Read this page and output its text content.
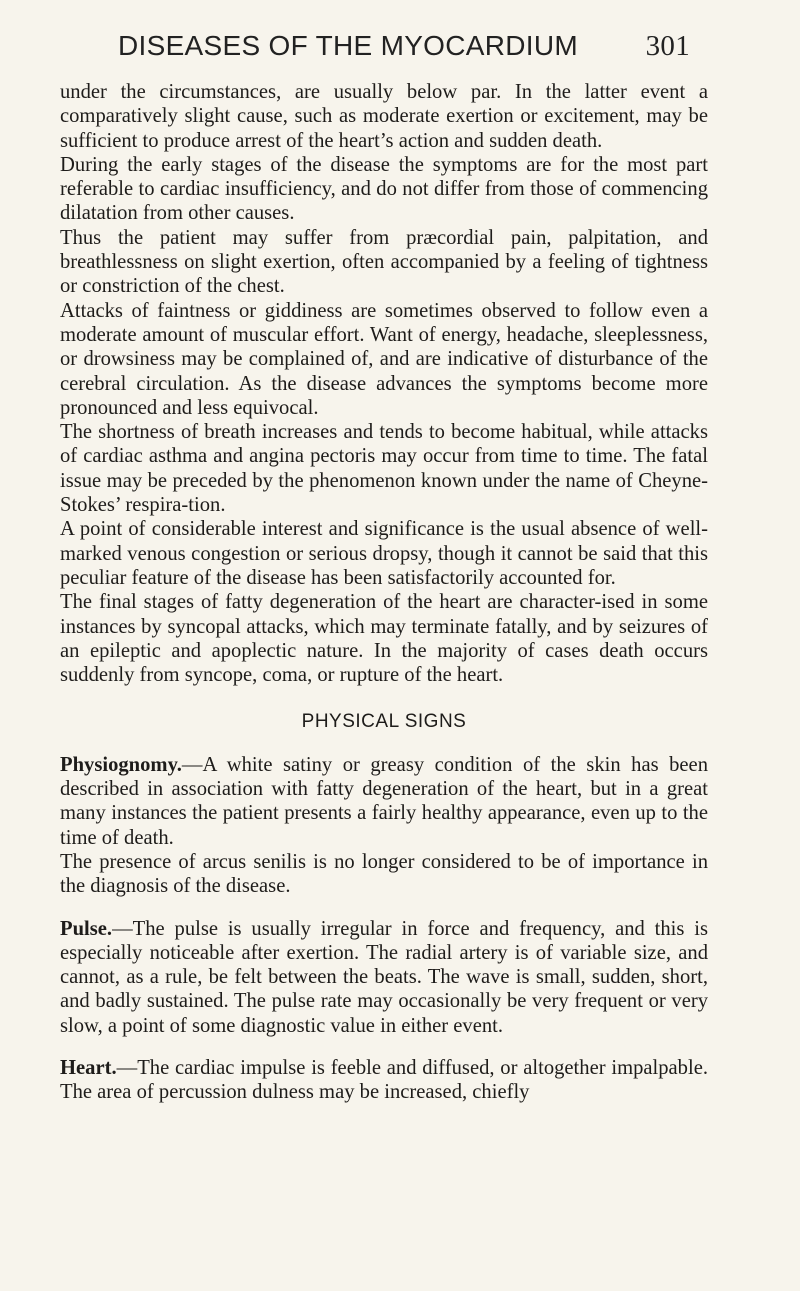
DISEASES OF THE MYOCARDIUM 301

under the circumstances, are usually below par. In the latter event a comparatively slight cause, such as moderate exertion or excitement, may be sufficient to produce arrest of the heart’s action and sudden death.

During the early stages of the disease the symptoms are for the most part referable to cardiac insufficiency, and do not differ from those of commencing dilatation from other causes.

Thus the patient may suffer from præcordial pain, palpitation, and breathlessness on slight exertion, often accompanied by a feeling of tightness or constriction of the chest.

Attacks of faintness or giddiness are sometimes observed to follow even a moderate amount of muscular effort. Want of energy, headache, sleeplessness, or drowsiness may be complained of, and are indicative of disturbance of the cerebral circulation. As the disease advances the symptoms become more pronounced and less equivocal.

The shortness of breath increases and tends to become habitual, while attacks of cardiac asthma and angina pectoris may occur from time to time. The fatal issue may be preceded by the phenomenon known under the name of Cheyne-Stokes’ respira-tion.

A point of considerable interest and significance is the usual absence of well-marked venous congestion or serious dropsy, though it cannot be said that this peculiar feature of the disease has been satisfactorily accounted for.

The final stages of fatty degeneration of the heart are character-ised in some instances by syncopal attacks, which may terminate fatally, and by seizures of an epileptic and apoplectic nature. In the majority of cases death occurs suddenly from syncope, coma, or rupture of the heart.

PHYSICAL SIGNS

Physiognomy.—A white satiny or greasy condition of the skin has been described in association with fatty degeneration of the heart, but in a great many instances the patient presents a fairly healthy appearance, even up to the time of death.

The presence of arcus senilis is no longer considered to be of importance in the diagnosis of the disease.

Pulse.—The pulse is usually irregular in force and frequency, and this is especially noticeable after exertion. The radial artery is of variable size, and cannot, as a rule, be felt between the beats. The wave is small, sudden, short, and badly sustained. The pulse rate may occasionally be very frequent or very slow, a point of some diagnostic value in either event.

Heart.—The cardiac impulse is feeble and diffused, or altogether impalpable. The area of percussion dulness may be increased, chiefly
